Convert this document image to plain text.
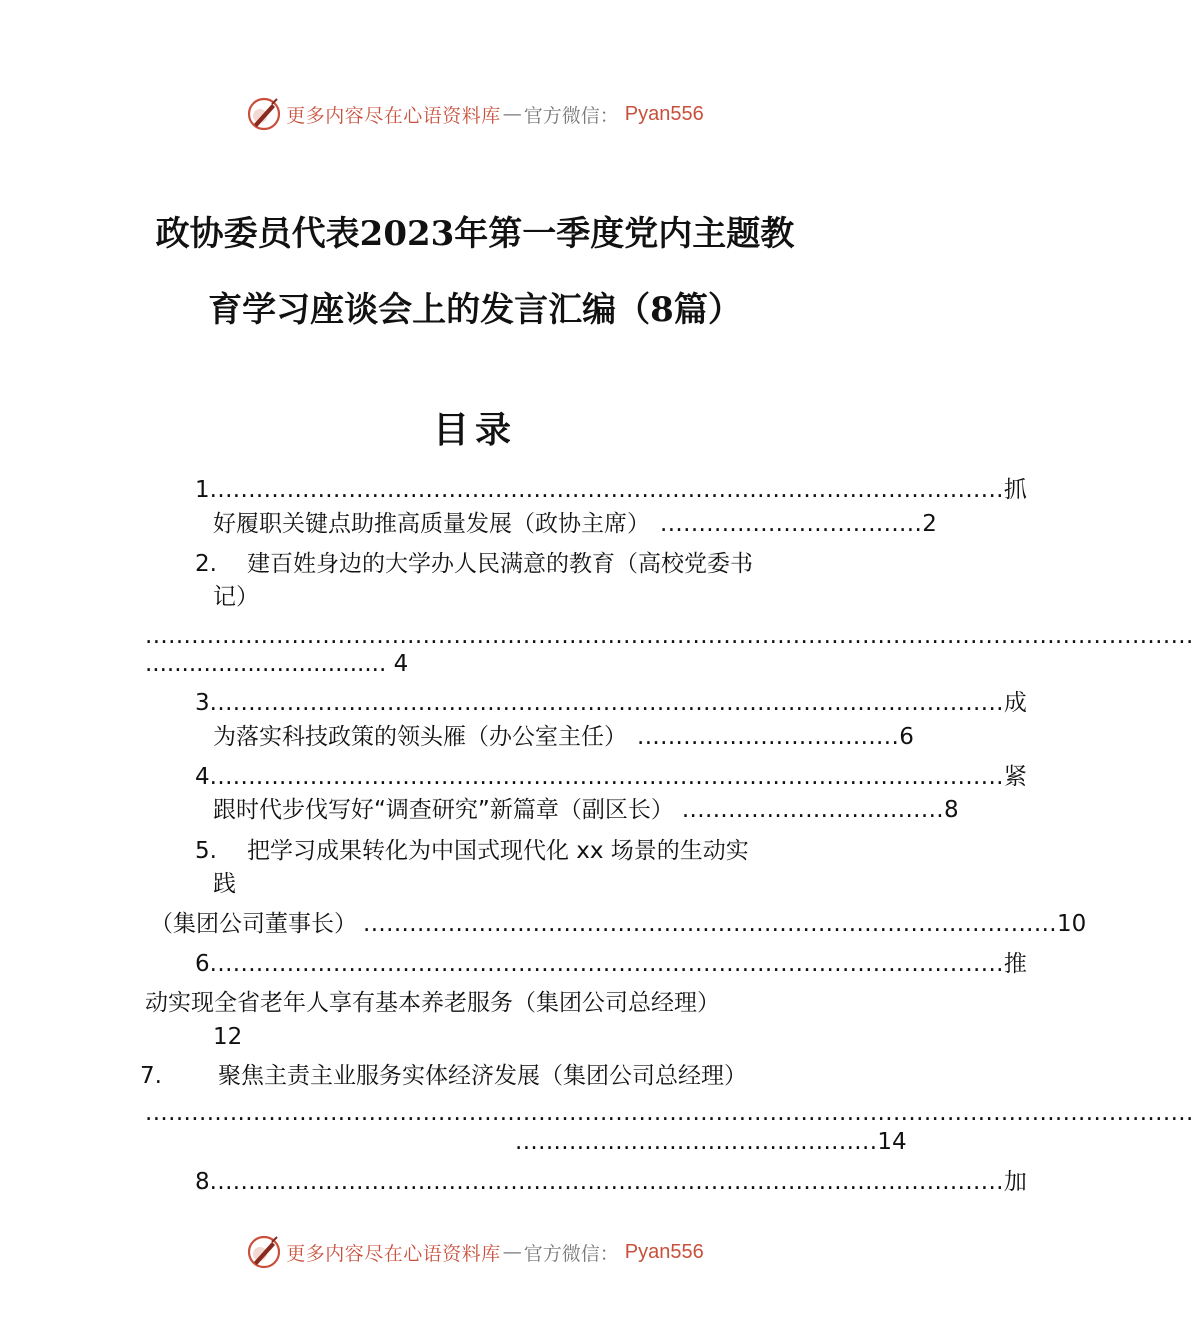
更多内容尽在心语资料库 — 官方微信： Pyan556
政协委员代表2023年第一季度党内主题教
育学习座谈会上的发言汇编（8篇）
目录
1 ....................................................................................................... 抓
好履职关键点助推高质量发展（政协主席） .................................. 2
2. 建百姓身边的大学办人民满意的教育（高校党委书
记）
........................................................................................................................................
................................. 4
3 ....................................................................................................... 成
为落实科技政策的领头雁（办公室主任） .................................. 6
4 ....................................................................................................... 紧
跟时代步伐写好“调查研究”新篇章（副区长） .................................. 8
5. 把学习成果转化为中国式现代化 xx 场景的生动实
践
（集团公司董事长） .......................................................................................... 10
6 ....................................................................................................... 推
动实现全省老年人享有基本养老服务（集团公司总经理）
12
7. 聚焦主责主业服务实体经济发展（集团公司总经理）
........................................................................................................................................
............................................... 14
8 ....................................................................................................... 加
更多内容尽在心语资料库 — 官方微信： Pyan556
